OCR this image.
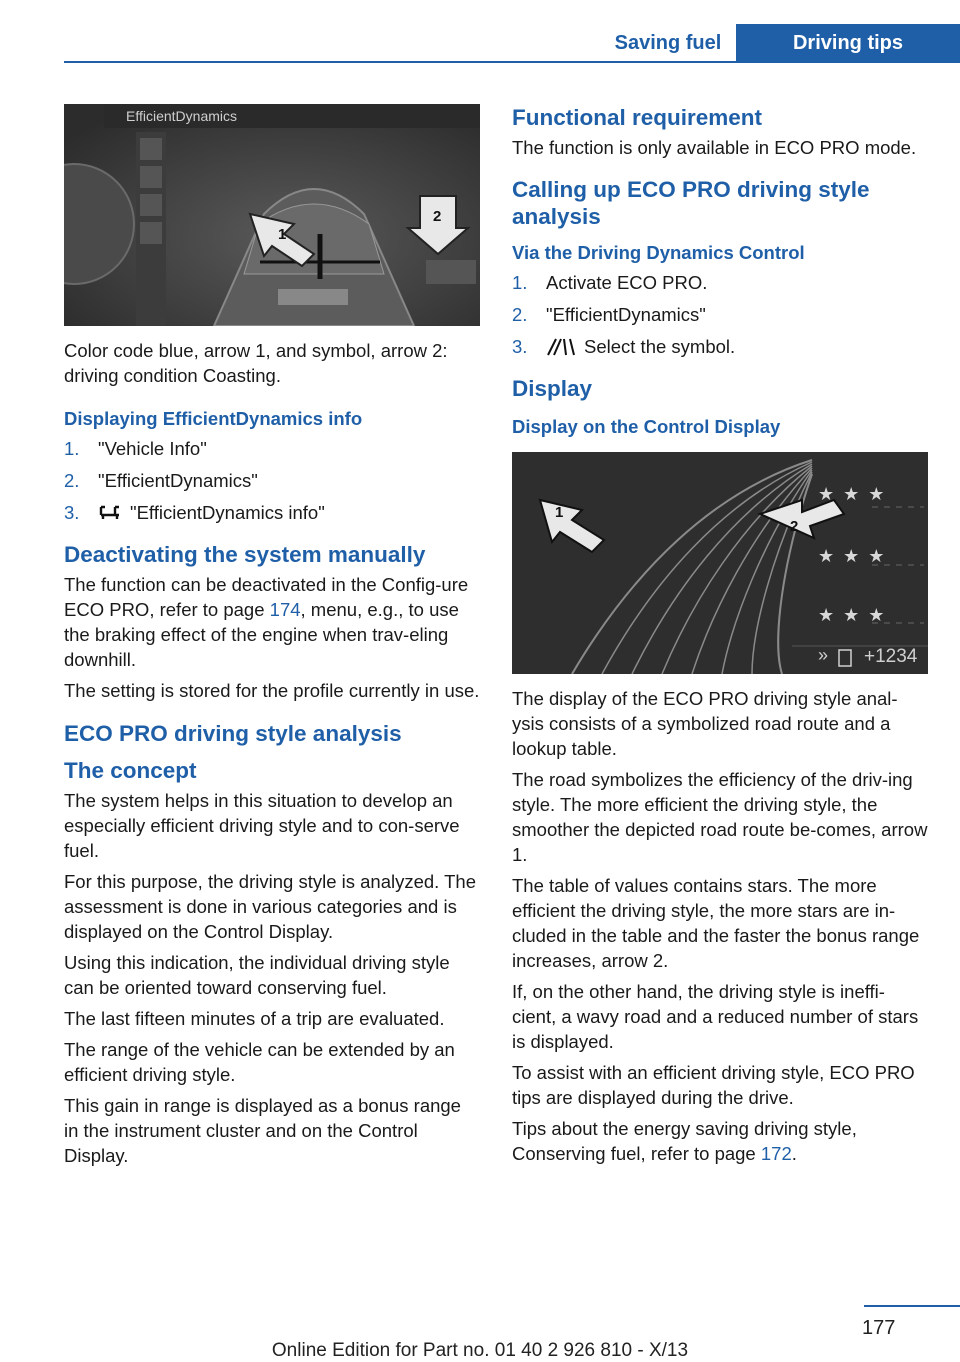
Saving fuel	Driving tips
EfficientDynamics
1
2

Color code blue, arrow 1, and symbol, arrow 2: driving condition Coasting.

Displaying EfficientDynamics info
1.	"Vehicle Info"
2.	"EfficientDynamics"
3.	"EfficientDynamics info"
Deactivating the system manually

The function can be deactivated in the Config‐ure ECO PRO, refer to page 174, menu, e.g., to use the braking effect of the engine when trav‐eling downhill.

The setting is stored for the profile currently in use.

ECO PRO driving style analysis
The concept

The system helps in this situation to develop an especially efficient driving style and to con‐serve fuel.

For this purpose, the driving style is analyzed. The assessment is done in various categories and is displayed on the Control Display.

Using this indication, the individual driving style can be oriented toward conserving fuel.

The last fifteen minutes of a trip are evaluated.

The range of the vehicle can be extended by an efficient driving style.

This gain in range is displayed as a bonus range in the instrument cluster and on the Control Display.

Functional requirement

The function is only available in ECO PRO mode.

Calling up ECO PRO driving style analysis
Via the Driving Dynamics Control
1.	Activate ECO PRO.
2.	"EfficientDynamics"
3.	Select the symbol.
Display
Display on the Control Display
1
2
★ ★ ★
★ ★ ★
★ ★ ★
» +1234

The display of the ECO PRO driving style anal‐ysis consists of a symbolized road route and a lookup table.

The road symbolizes the efficiency of the driv‐ing style. The more efficient the driving style, the smoother the depicted road route be‐comes, arrow 1.

The table of values contains stars. The more efficient the driving style, the more stars are in‐cluded in the table and the faster the bonus range increases, arrow 2.

If, on the other hand, the driving style is ineffi‐cient, a wavy road and a reduced number of stars is displayed.

To assist with an efficient driving style, ECO PRO tips are displayed during the drive.

Tips about the energy saving driving style, Conserving fuel, refer to page 172.

177
Online Edition for Part no. 01 40 2 926 810 - X/13
